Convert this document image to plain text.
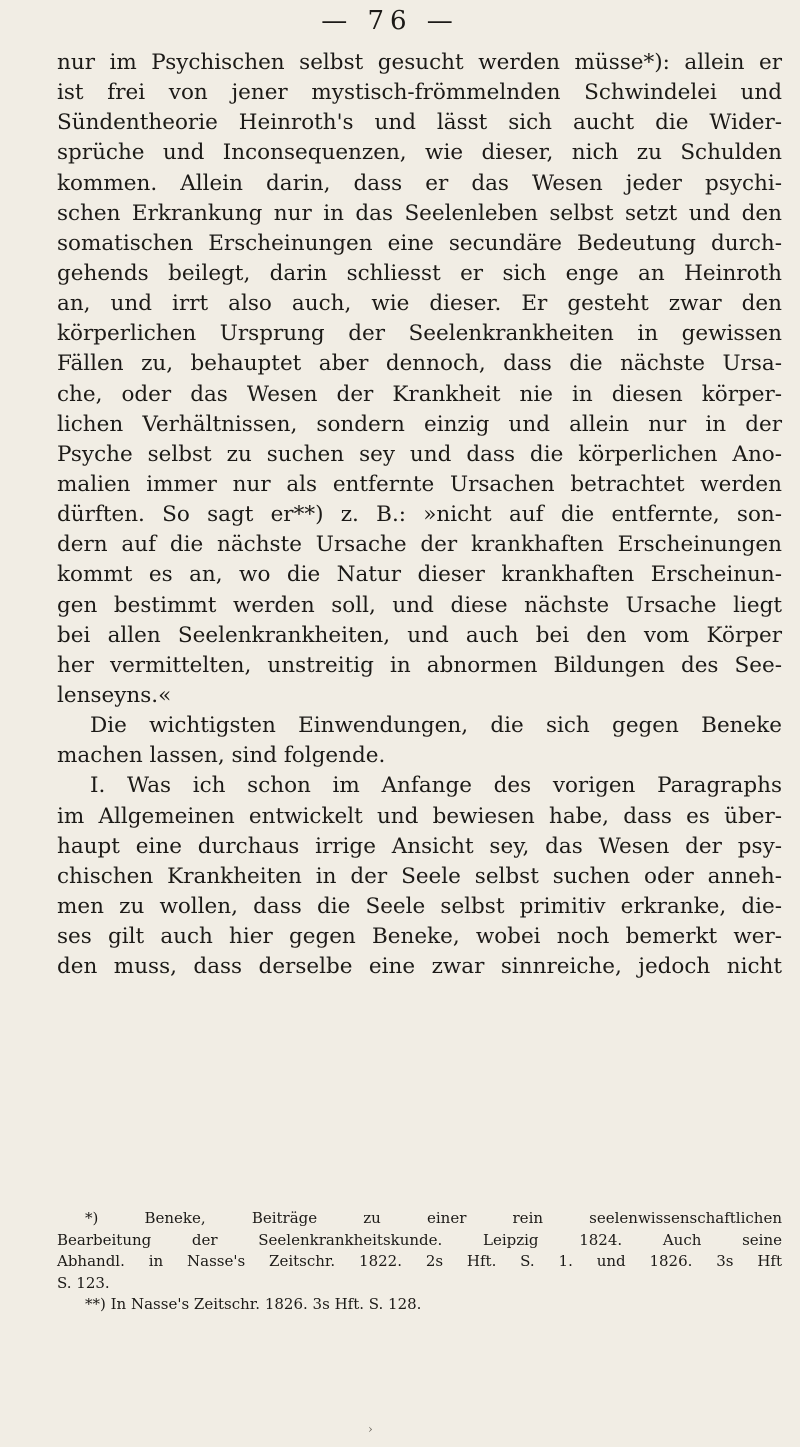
— 76 —
nur im Psychischen selbst gesucht werden müsse*): allein er
ist frei von jener mystisch-frömmelnden Schwindelei und
Sündentheorie Heinroth's und lässt sich aucht die Wider-
sprüche und Inconsequenzen, wie dieser, nich zu Schulden
kommen. Allein darin, dass er das Wesen jeder psychi-
schen Erkrankung nur in das Seelenleben selbst setzt und den
somatischen Erscheinungen eine secundäre Bedeutung durch-
gehends beilegt, darin schliesst er sich enge an Heinroth
an, und irrt also auch, wie dieser. Er gesteht zwar den
körperlichen Ursprung der Seelenkrankheiten in gewissen
Fällen zu, behauptet aber dennoch, dass die nächste Ursa-
che, oder das Wesen der Krankheit nie in diesen körper-
lichen Verhältnissen, sondern einzig und allein nur in der
Psyche selbst zu suchen sey und dass die körperlichen Ano-
malien immer nur als entfernte Ursachen betrachtet werden
dürften. So sagt er**) z. B.: »nicht auf die entfernte, son-
dern auf die nächste Ursache der krankhaften Erscheinungen
kommt es an, wo die Natur dieser krankhaften Erscheinun-
gen bestimmt werden soll, und diese nächste Ursache liegt
bei allen Seelenkrankheiten, und auch bei den vom Körper
her vermittelten, unstreitig in abnormen Bildungen des See-
lenseyns.«
Die wichtigsten Einwendungen, die sich gegen Beneke
machen lassen, sind folgende.
I. Was ich schon im Anfange des vorigen Paragraphs
im Allgemeinen entwickelt und bewiesen habe, dass es über-
haupt eine durchaus irrige Ansicht sey, das Wesen der psy-
chischen Krankheiten in der Seele selbst suchen oder anneh-
men zu wollen, dass die Seele selbst primitiv erkranke, die-
ses gilt auch hier gegen Beneke, wobei noch bemerkt wer-
den muss, dass derselbe eine zwar sinnreiche, jedoch nicht
*) Beneke, Beiträge zu einer rein seelenwissenschaftlichen
Bearbeitung der Seelenkrankheitskunde. Leipzig 1824. Auch seine
Abhandl. in Nasse's Zeitschr. 1822. 2s Hft. S. 1. und 1826. 3s Hft
S. 123.
**) In Nasse's Zeitschr. 1826. 3s Hft. S. 128.
›
